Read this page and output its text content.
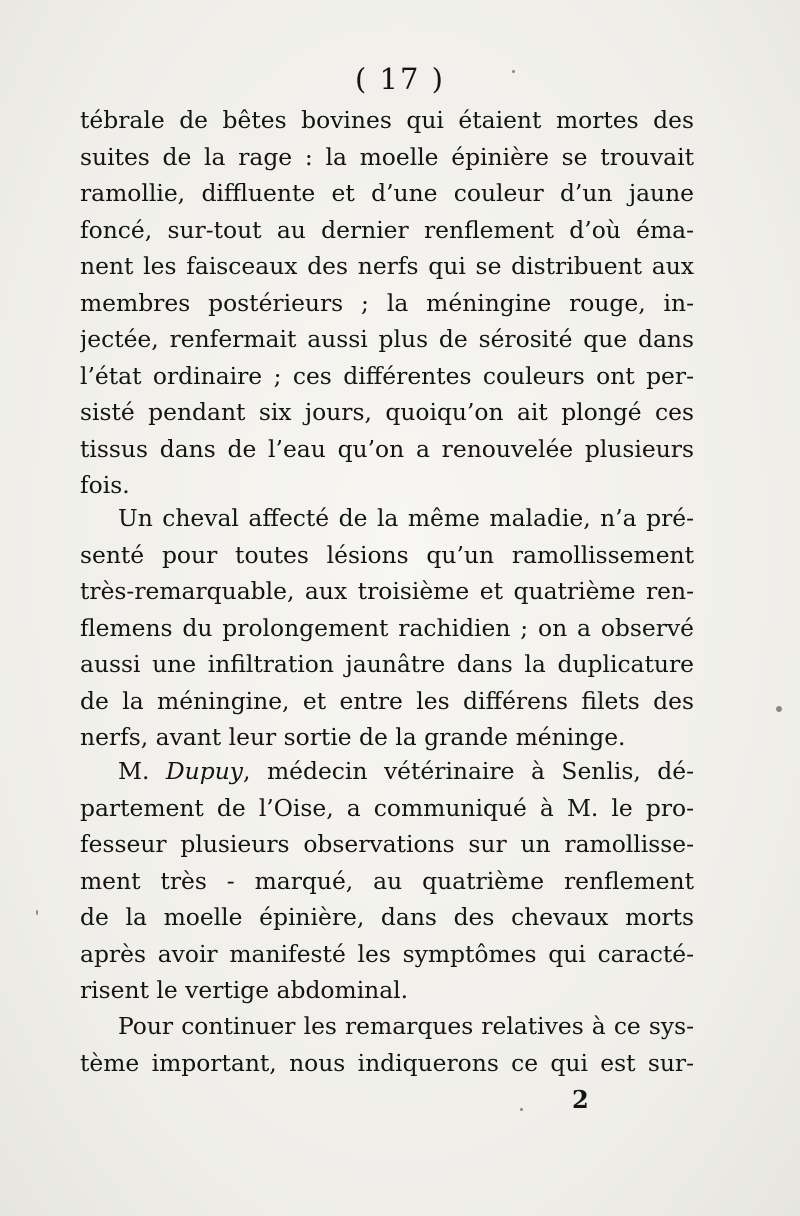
( 17 )
tébrale de bêtes bovines qui étaient mortes des
suites de la rage : la moelle épinière se trouvait
ramollie, diffluente et d’une couleur d’un jaune
foncé, sur-tout au dernier renflement d’où éma-
nent les faisceaux des nerfs qui se distribuent aux
membres postérieurs ; la méningine rouge, in-
jectée, renfermait aussi plus de sérosité que dans
l’état ordinaire ; ces différentes couleurs ont per-
sisté pendant six jours, quoiqu’on ait plongé ces
tissus dans de l’eau qu’on a renouvelée plusieurs
fois.
Un cheval affecté de la même maladie, n’a pré-
senté pour toutes lésions qu’un ramollissement
très-remarquable, aux troisième et quatrième ren-
flemens du prolongement rachidien ; on a observé
aussi une infiltration jaunâtre dans la duplicature
de la méningine, et entre les différens filets des
nerfs, avant leur sortie de la grande méninge.
M. Dupuy, médecin vétérinaire à Senlis, dé-
partement de l’Oise, a communiqué à M. le pro-
fesseur plusieurs observations sur un ramollisse-
ment très - marqué, au quatrième renflement
de la moelle épinière, dans des chevaux morts
après avoir manifesté les symptômes qui caracté-
risent le vertige abdominal.
Pour continuer les remarques relatives à ce sys-
tème important, nous indiquerons ce qui est sur-
2
